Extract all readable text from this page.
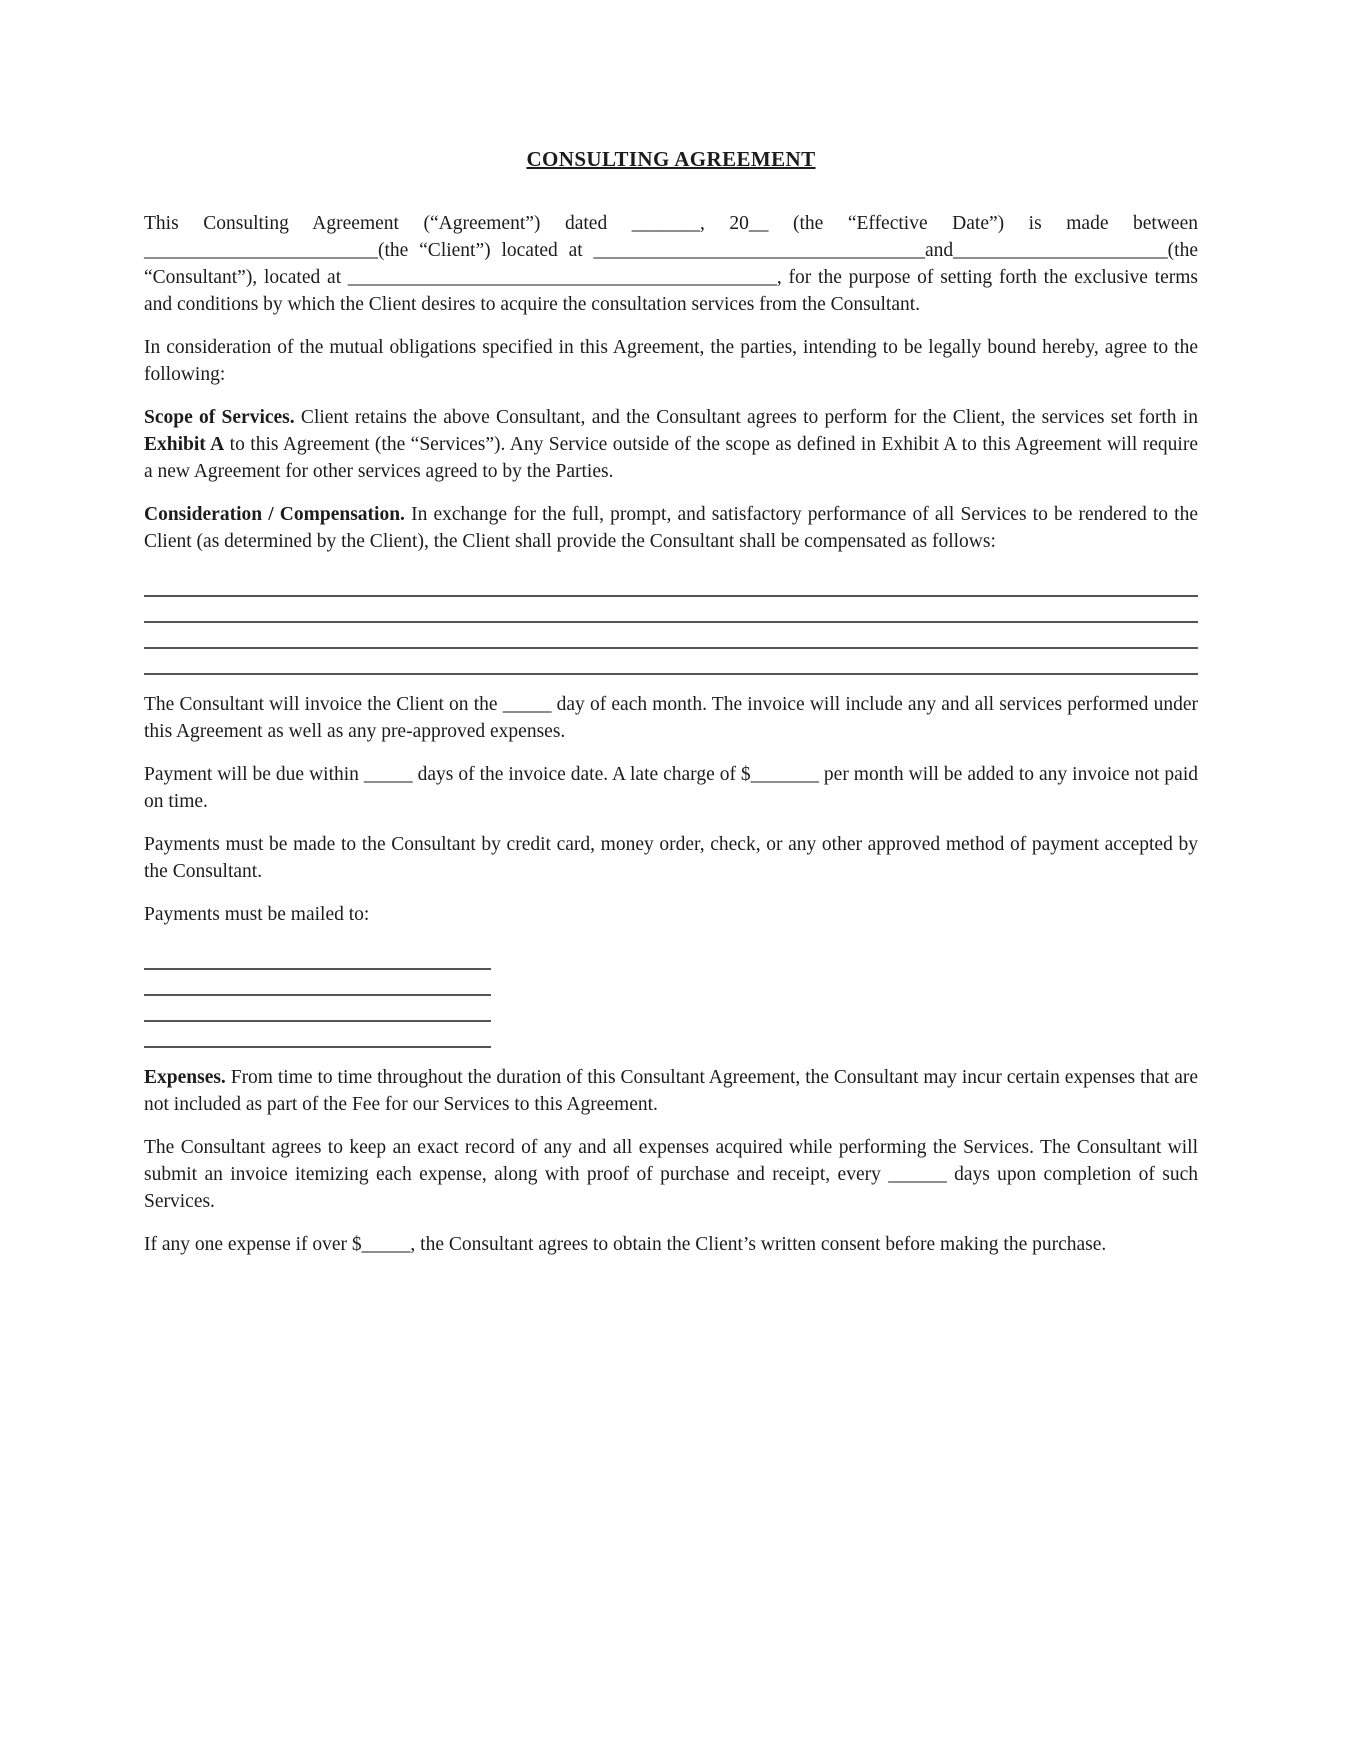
CONSULTING AGREEMENT

This Consulting Agreement (“Agreement”) dated _______, 20__ (the “Effective Date”) is made between ________________________(the “Client”) located at __________________________________and______________________(the “Consultant”), located at ____________________________________________, for the purpose of setting forth the exclusive terms and conditions by which the Client desires to acquire the consultation services from the Consultant.

In consideration of the mutual obligations specified in this Agreement, the parties, intending to be legally bound hereby, agree to the following:

Scope of Services. Client retains the above Consultant, and the Consultant agrees to perform for the Client, the services set forth in Exhibit A to this Agreement (the “Services”). Any Service outside of the scope as defined in Exhibit A to this Agreement will require a new Agreement for other services agreed to by the Parties.

Consideration / Compensation. In exchange for the full, prompt, and satisfactory performance of all Services to be rendered to the Client (as determined by the Client), the Client shall provide the Consultant shall be compensated as follows:

The Consultant will invoice the Client on the _____ day of each month. The invoice will include any and all services performed under this Agreement as well as any pre-approved expenses.

Payment will be due within _____ days of the invoice date. A late charge of $_______ per month will be added to any invoice not paid on time.

Payments must be made to the Consultant by credit card, money order, check, or any other approved method of payment accepted by the Consultant.

Payments must be mailed to:

Expenses. From time to time throughout the duration of this Consultant Agreement, the Consultant may incur certain expenses that are not included as part of the Fee for our Services to this Agreement.

The Consultant agrees to keep an exact record of any and all expenses acquired while performing the Services. The Consultant will submit an invoice itemizing each expense, along with proof of purchase and receipt, every ______ days upon completion of such Services.

If any one expense if over $_____, the Consultant agrees to obtain the Client’s written consent before making the purchase.
